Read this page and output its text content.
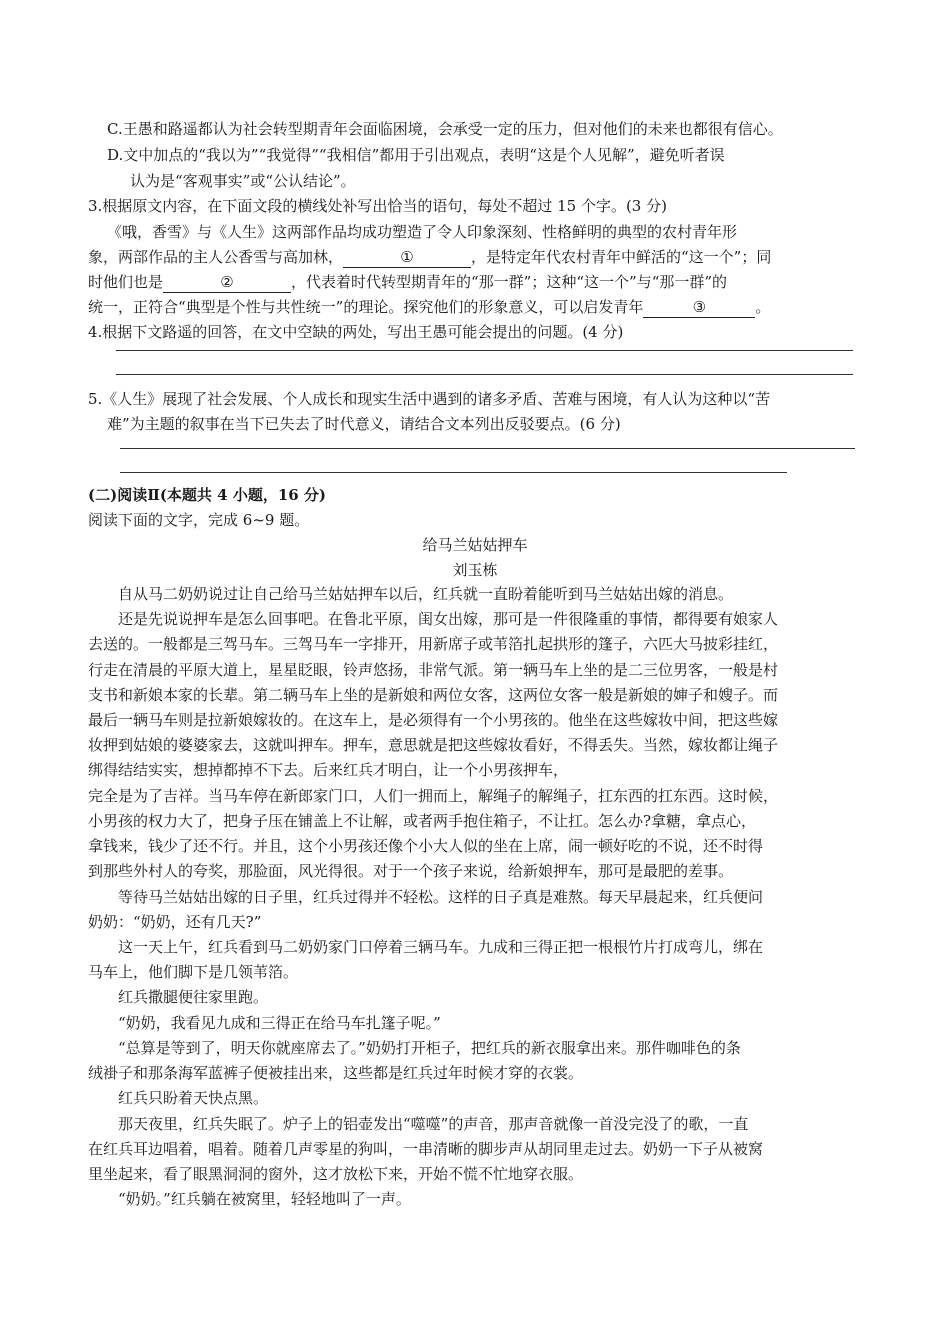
C.王愚和路遥都认为社会转型期青年会面临困境，会承受一定的压力，但对他们的未来也都很有信心。
D.文中加点的“我以为”“我觉得”“我相信”都用于引出观点，表明“这是个人见解”，避免听者误
认为是“客观事实”或“公认结论”。
3.根据原文内容，在下面文段的横线处补写出恰当的语句，每处不超过 15 个字。(3 分)
《哦，香雪》与《人生》这两部作品均成功塑造了令人印象深刻、性格鲜明的典型的农村青年形
象，两部作品的主人公香雪与高加林，	①	，是特定年代农村青年中鲜活的“这一个”；同
时他们也是	②	，代表着时代转型期青年的“那一群”；这种“这一个”与“那一群”的
统一，正符合“典型是个性与共性统一”的理论。探究他们的形象意义，可以启发青年	③	。
4.根据下文路遥的回答，在文中空缺的两处，写出王愚可能会提出的问题。(4 分)
5.《人生》展现了社会发展、个人成长和现实生活中遇到的诸多矛盾、苦难与困境，有人认为这种以“苦
难”为主题的叙事在当下已失去了时代意义，请结合文本列出反驳要点。(6 分)
(二)阅读Ⅱ(本题共 4 小题，16 分)
阅读下面的文字，完成 6~9 题。
给马兰姑姑押车
刘玉栋
自从马二奶奶说过让自己给马兰姑姑押车以后，红兵就一直盼着能听到马兰姑姑出嫁的消息。
还是先说说押车是怎么回事吧。在鲁北平原，闺女出嫁，那可是一件很隆重的事情，都得要有娘家人
去送的。一般都是三驾马车。三驾马车一字排开，用新席子或苇箔扎起拱形的篷子，六匹大马披彩挂红，
行走在清晨的平原大道上，星星眨眼，铃声悠扬，非常气派。第一辆马车上坐的是二三位男客，一般是村
支书和新娘本家的长辈。第二辆马车上坐的是新娘和两位女客，这两位女客一般是新娘的婶子和嫂子。而
最后一辆马车则是拉新娘嫁妆的。在这车上，是必须得有一个小男孩的。他坐在这些嫁妆中间，把这些嫁
妆押到姑娘的婆婆家去，这就叫押车。押车，意思就是把这些嫁妆看好，不得丢失。当然，嫁妆都让绳子
绑得结结实实，想掉都掉不下去。后来红兵才明白，让一个小男孩押车，
完全是为了吉祥。当马车停在新郎家门口，人们一拥而上，解绳子的解绳子，扛东西的扛东西。这时候，
小男孩的权力大了，把身子压在铺盖上不让解，或者两手抱住箱子，不让扛。怎么办?拿糖，拿点心，
拿钱来，钱少了还不行。并且，这个小男孩还像个小大人似的坐在上席，闹一顿好吃的不说，还不时得
到那些外村人的夸奖，那脸面，风光得很。对于一个孩子来说，给新娘押车，那可是最肥的差事。
等待马兰姑姑出嫁的日子里，红兵过得并不轻松。这样的日子真是难熬。每天早晨起来，红兵便问
奶奶：“奶奶，还有几天?”
这一天上午，红兵看到马二奶奶家门口停着三辆马车。九成和三得正把一根根竹片打成弯儿，绑在
马车上，他们脚下是几领苇箔。
红兵撒腿便往家里跑。
“奶奶，我看见九成和三得正在给马车扎篷子呢。”
“总算是等到了，明天你就座席去了。”奶奶打开柜子，把红兵的新衣服拿出来。那件咖啡色的条
绒褂子和那条海军蓝裤子便被挂出来，这些都是红兵过年时候才穿的衣裳。
红兵只盼着天快点黑。
那天夜里，红兵失眠了。炉子上的铝壶发出“噬噬”的声音，那声音就像一首没完没了的歌，一直
在红兵耳边唱着，唱着。随着几声零星的狗叫，一串清晰的脚步声从胡同里走过去。奶奶一下子从被窝
里坐起来，看了眼黑洞洞的窗外，这才放松下来，开始不慌不忙地穿衣服。
“奶奶。”红兵躺在被窝里，轻轻地叫了一声。
